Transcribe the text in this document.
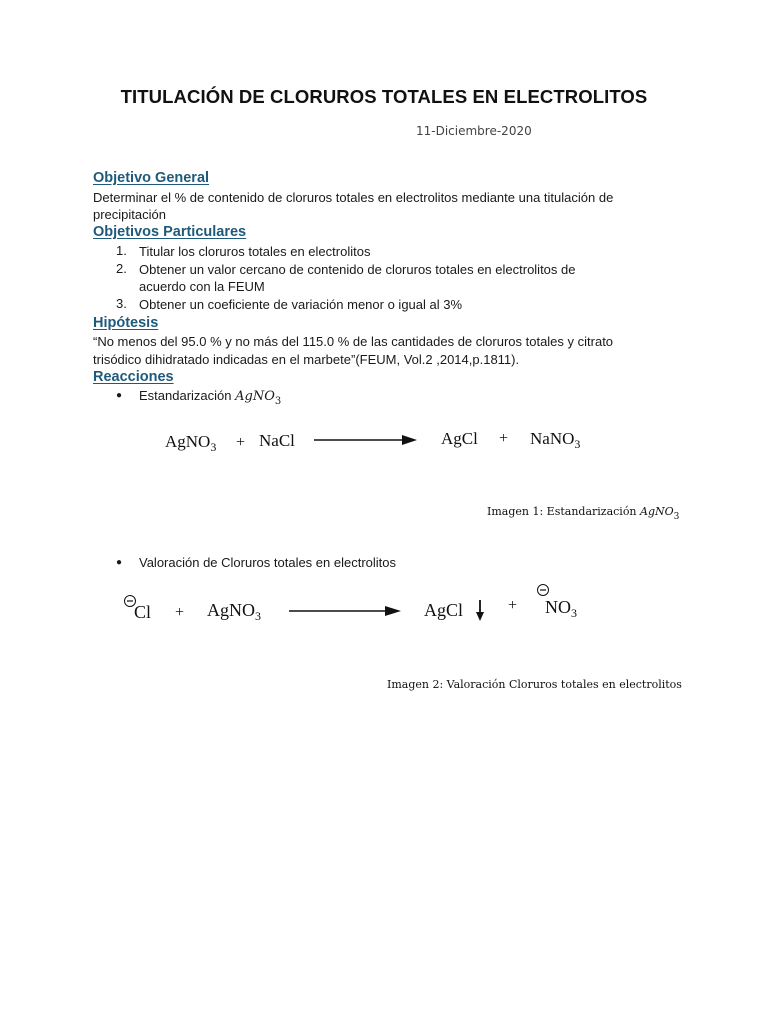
TITULACIÓN DE CLORUROS TOTALES EN ELECTROLITOS
11-Diciembre-2020
Objetivo General
Determinar el % de contenido de cloruros totales en electrolitos mediante una titulación de
precipitación
Objetivos Particulares
1. Titular los cloruros totales en electrolitos
2. Obtener un valor cercano de contenido de cloruros totales en electrolitos de
acuerdo con la FEUM
3. Obtener un coeficiente de variación menor o igual al 3%
Hipótesis
“No menos del 95.0 % y no más del 115.0 % de las cantidades de cloruros totales y citrato
trisódico dihidratado indicadas en el marbete”(FEUM, Vol.2 ,2014,p.1811).
Reacciones
● Estandarización AgNO$_3$
AgNO$_3$ + NaCl	AgCl + NaNO$_3$
Imagen 1: Estandarización AgNO$_3$
● Valoración de Cloruros totales en electrolitos
Cl + AgNO$_3$	AgCl	+ $NO_3$
Imagen 2: Valoración Cloruros totales en electrolitos
